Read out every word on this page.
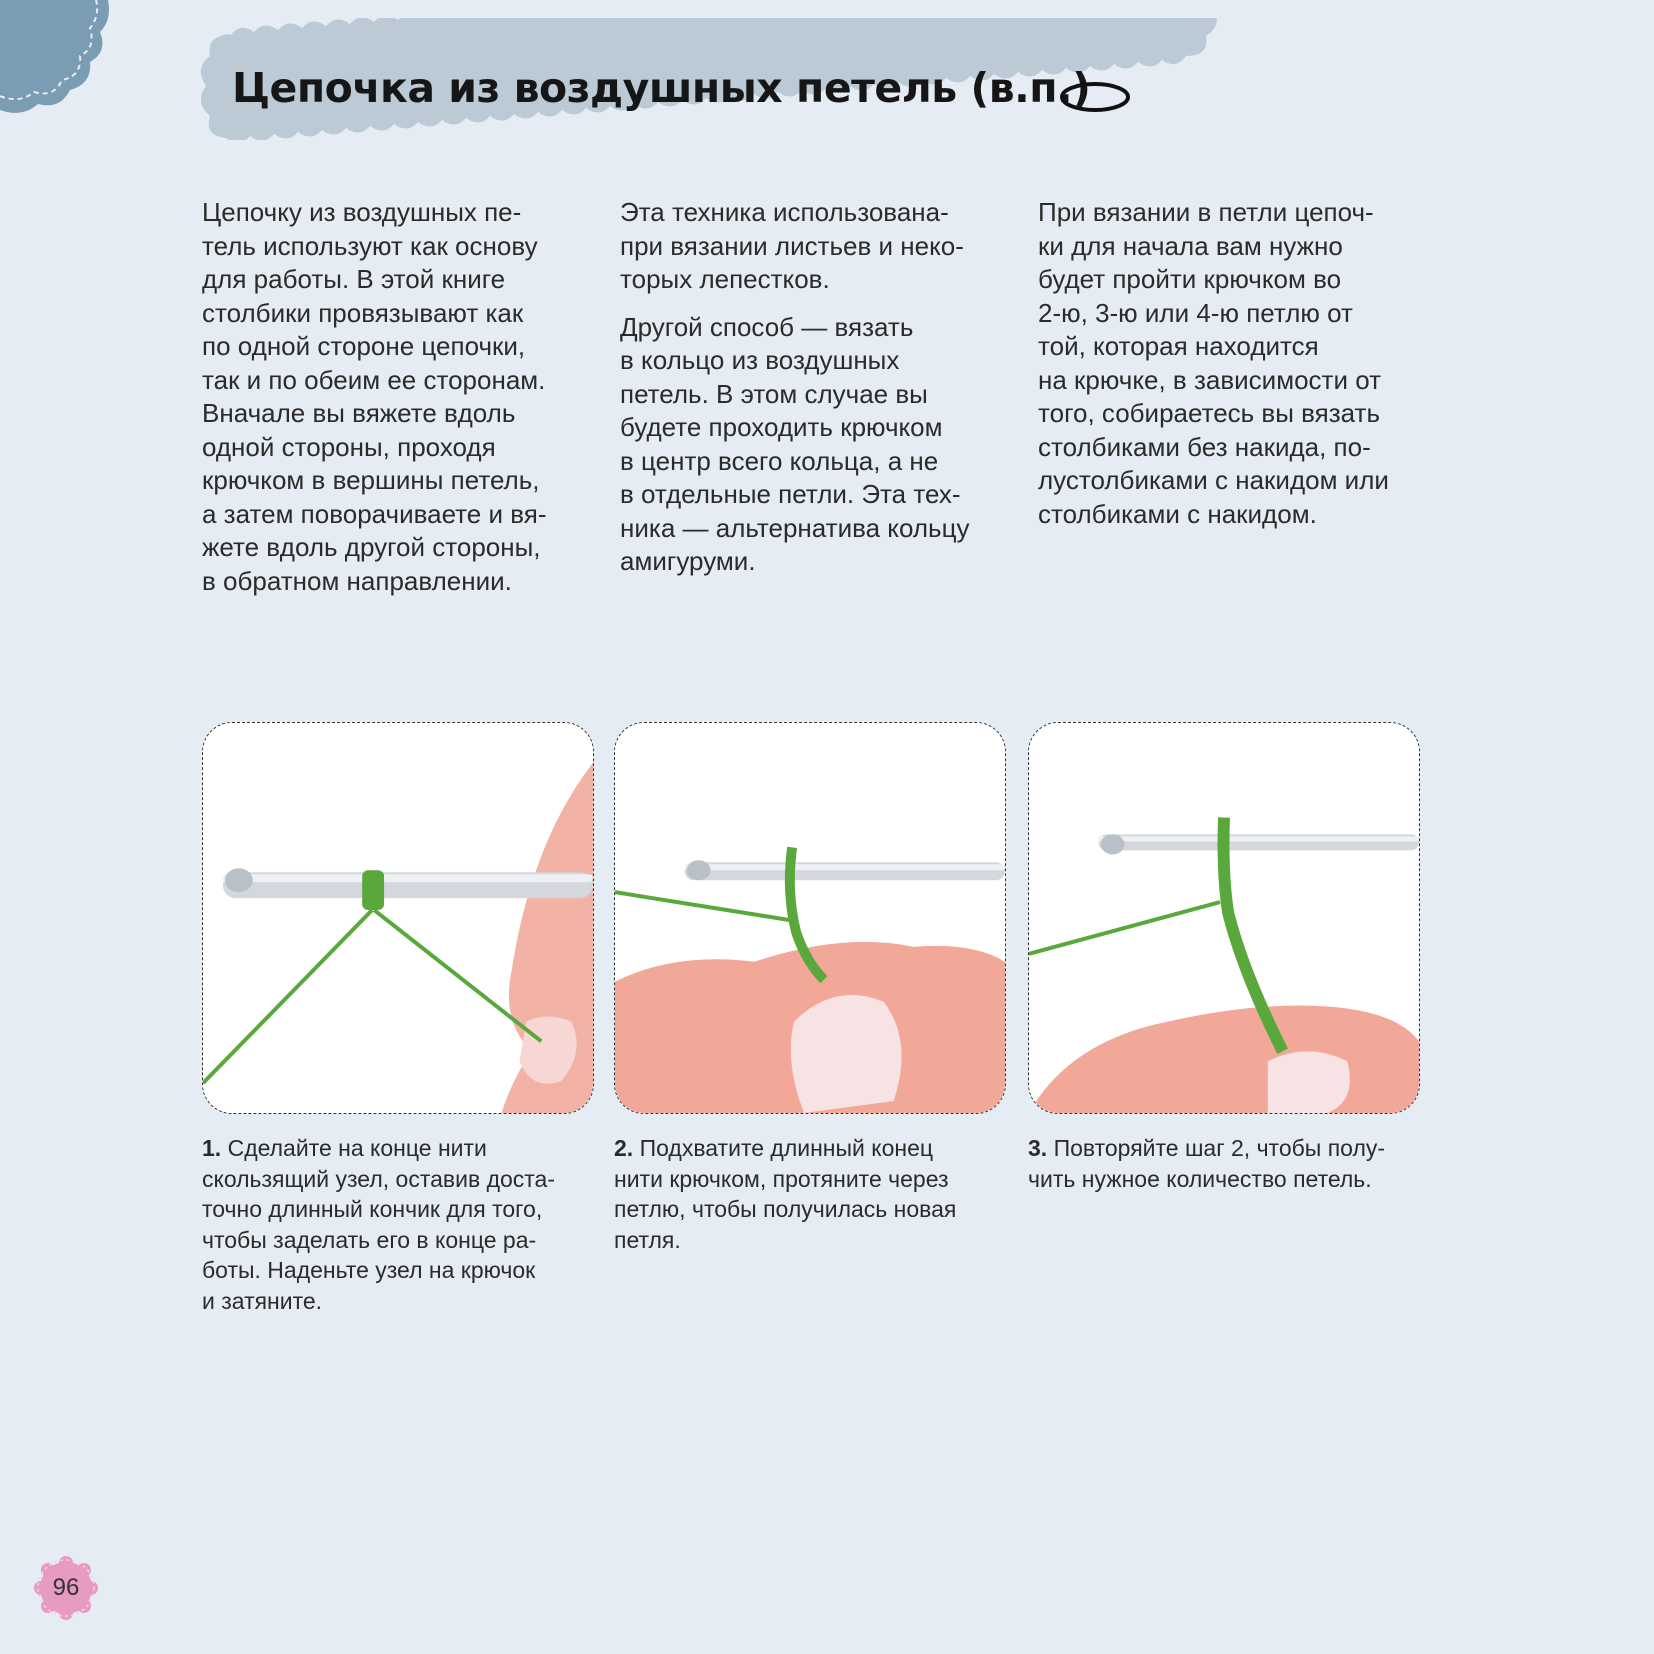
Цепочка из воздушных петель (в.п.)

Цепочку из воздушных пе-
тель используют как основу
для работы. В этой книге
столбики провязывают как
по одной стороне цепочки,
так и по обеим ее сторонам.
Вначале вы вяжете вдоль
одной стороны, проходя
крючком в вершины петель,
а затем поворачиваете и вя-
жете вдоль другой стороны,
в обратном направлении.

Эта техника использована-
при вязании листьев и неко-
торых лепестков.

Другой способ — вязать
в кольцо из воздушных
петель. В этом случае вы
будете проходить крючком
в центр всего кольца, а не
в отдельные петли. Эта тех-
ника — альтернатива кольцу
амигуруми.

При вязании в петли цепоч-
ки для начала вам нужно
будет пройти крючком во
2-ю, 3-ю или 4-ю петлю от
той, которая находится
на крючке, в зависимости от
того, собираетесь вы вязать
столбиками без накида, по-
лустолбиками с накидом или
столбиками с накидом.

1. Сделайте на конце нити
скользящий узел, оставив доста-
точно длинный кончик для того,
чтобы заделать его в конце ра-
боты. Наденьте узел на крючок
и затяните.

2. Подхватите длинный конец
нити крючком, протяните через
петлю, чтобы получилась новая
петля.

3. Повторяйте шаг 2, чтобы полу-
чить нужное количество петель.

96
